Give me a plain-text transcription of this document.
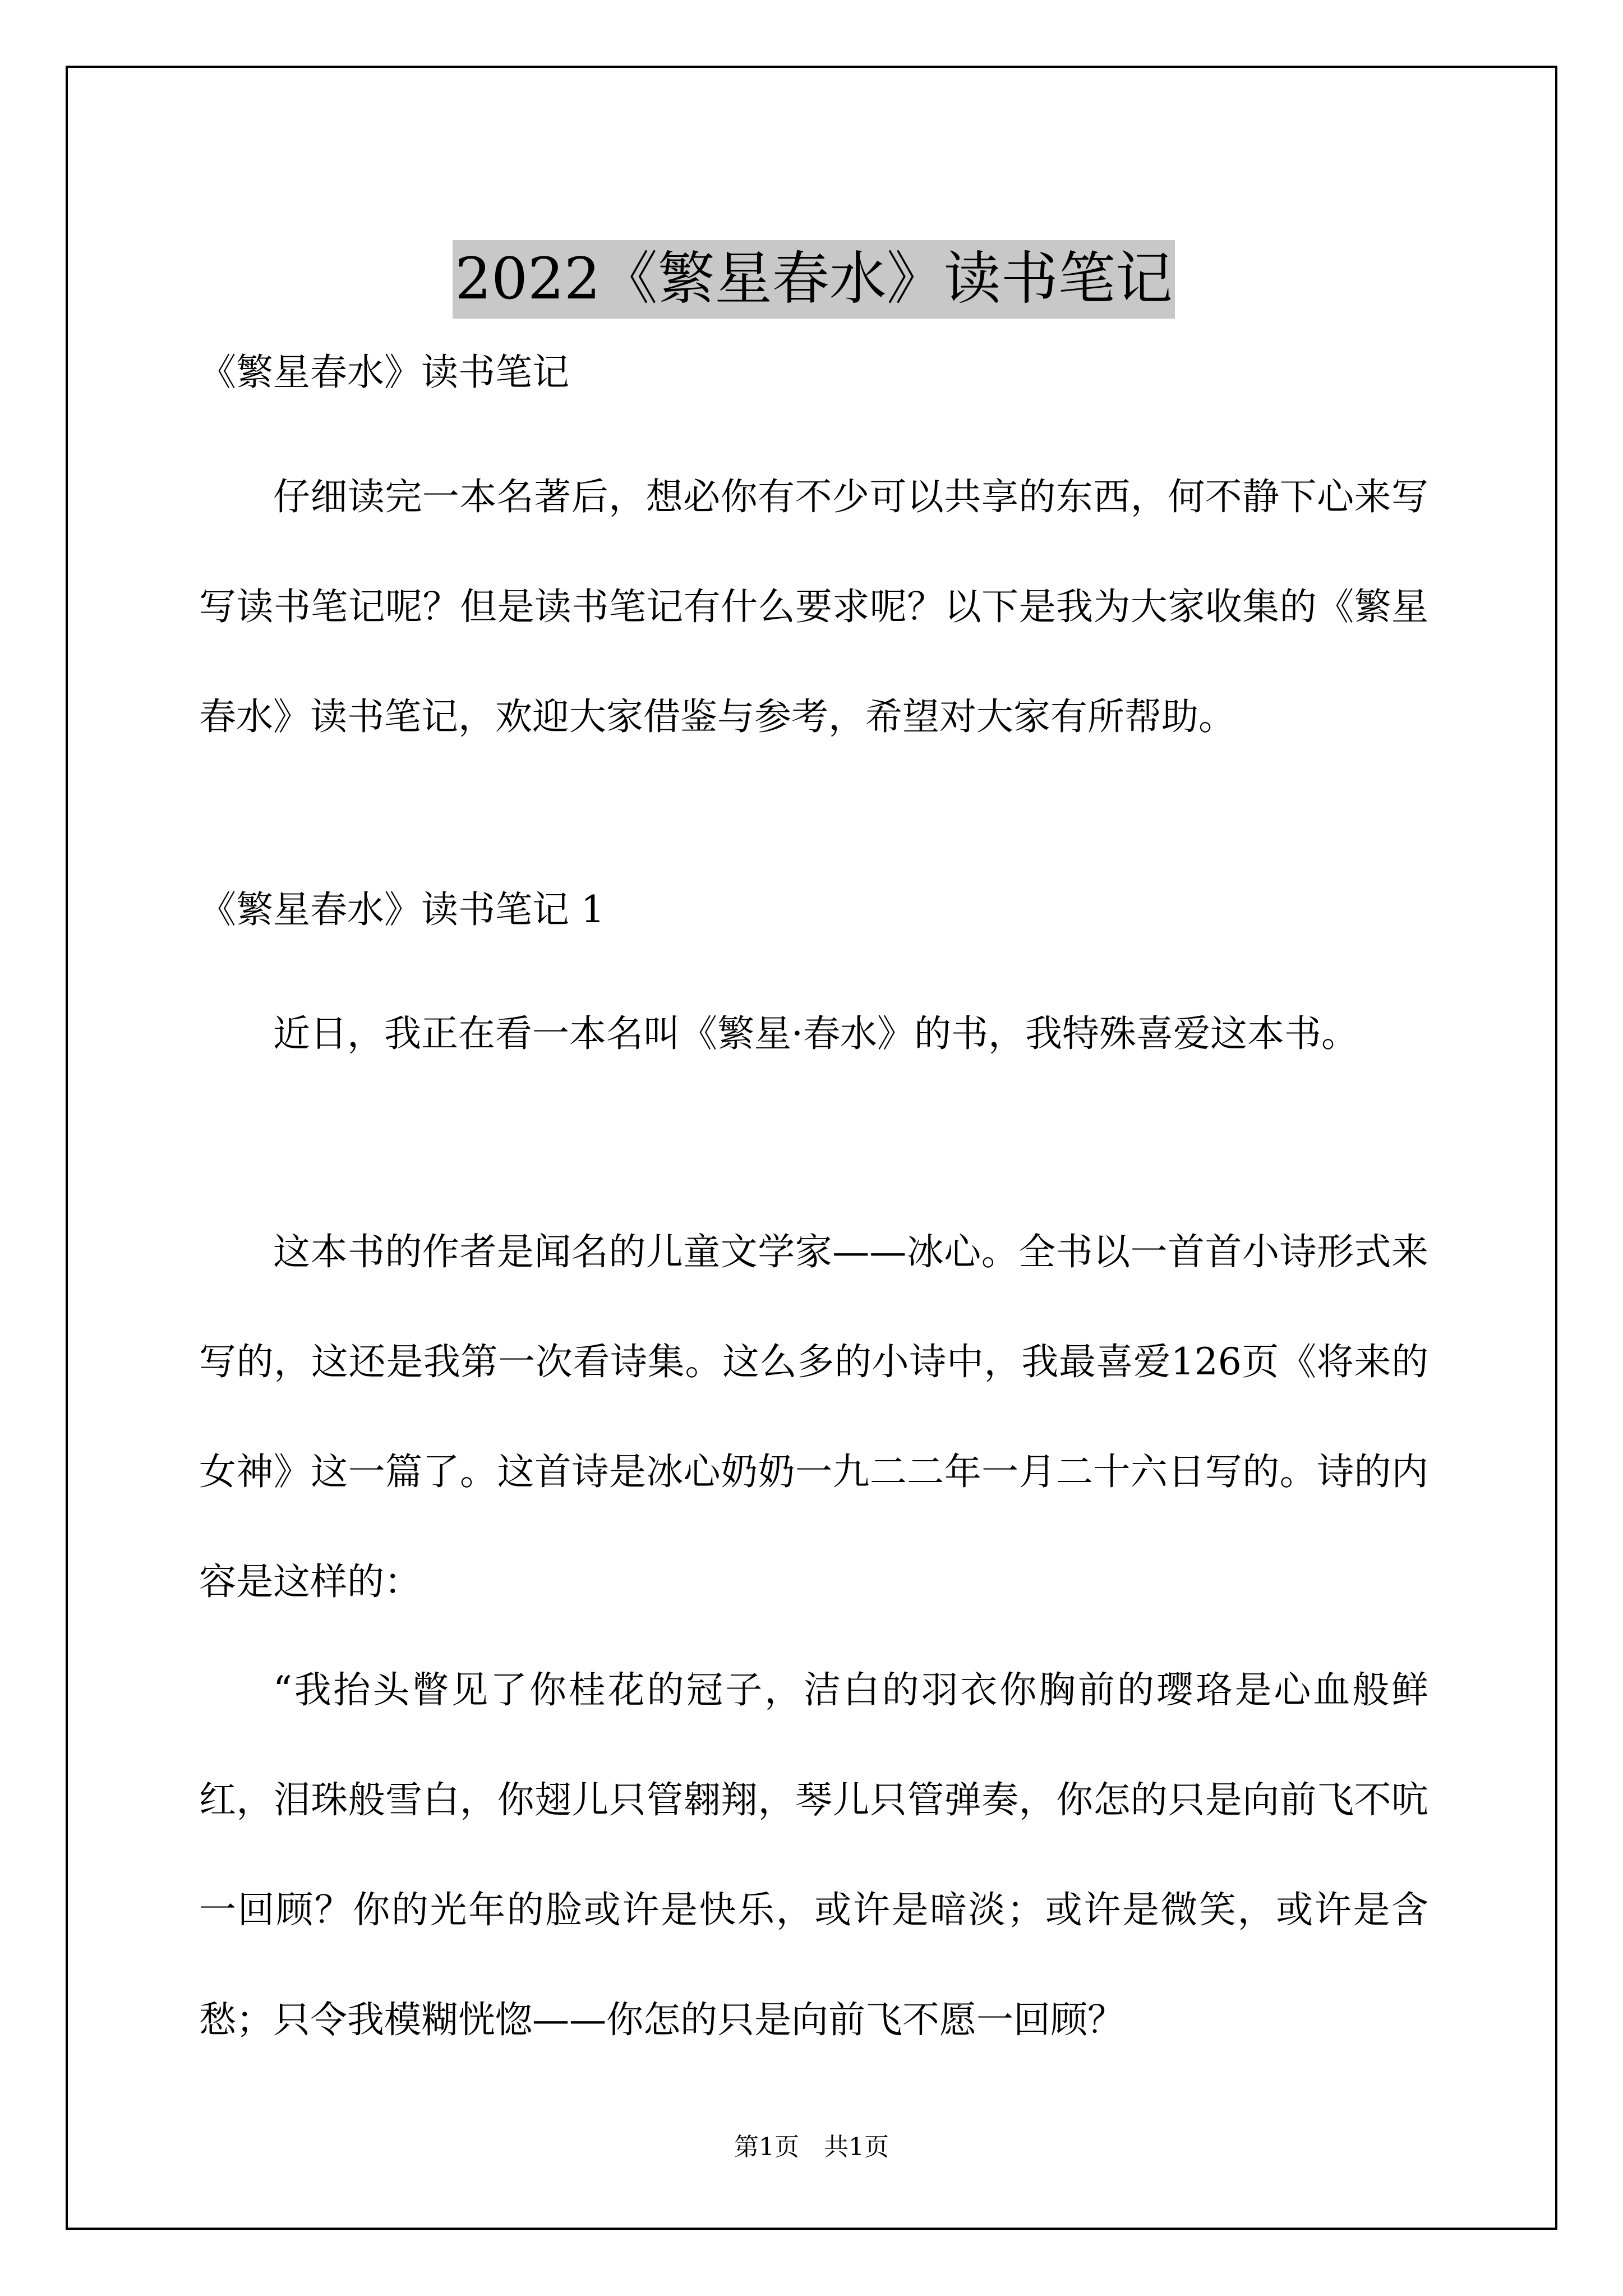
2022《繁星春水》读书笔记
《繁星春水》读书笔记

仔细读完一本名著后，想必你有不少可以共享的东西，何不静下心来写写读书笔记呢？但是读书笔记有什么要求呢？以下是我为大家收集的《繁星春水》读书笔记，欢迎大家借鉴与参考，希望对大家有所帮助。

《繁星春水》读书笔记 1

近日，我正在看一本名叫《繁星·春水》的书，我特殊喜爱这本书。

这本书的作者是闻名的儿童文学家——冰心。全书以一首首小诗形式来写的，这还是我第一次看诗集。这么多的小诗中，我最喜爱126页《将来的女神》这一篇了。这首诗是冰心奶奶一九二二年一月二十六日写的。诗的内容是这样的：

“我抬头瞥见了你桂花的冠子，洁白的羽衣你胸前的璎珞是心血般鲜红，泪珠般雪白，你翅儿只管翱翔，琴儿只管弹奏，你怎的只是向前飞不吭一回顾？你的光年的脸或许是快乐，或许是暗淡；或许是微笑，或许是含愁；只令我模糊恍惚——你怎的只是向前飞不愿一回顾？

第1页　共1页
